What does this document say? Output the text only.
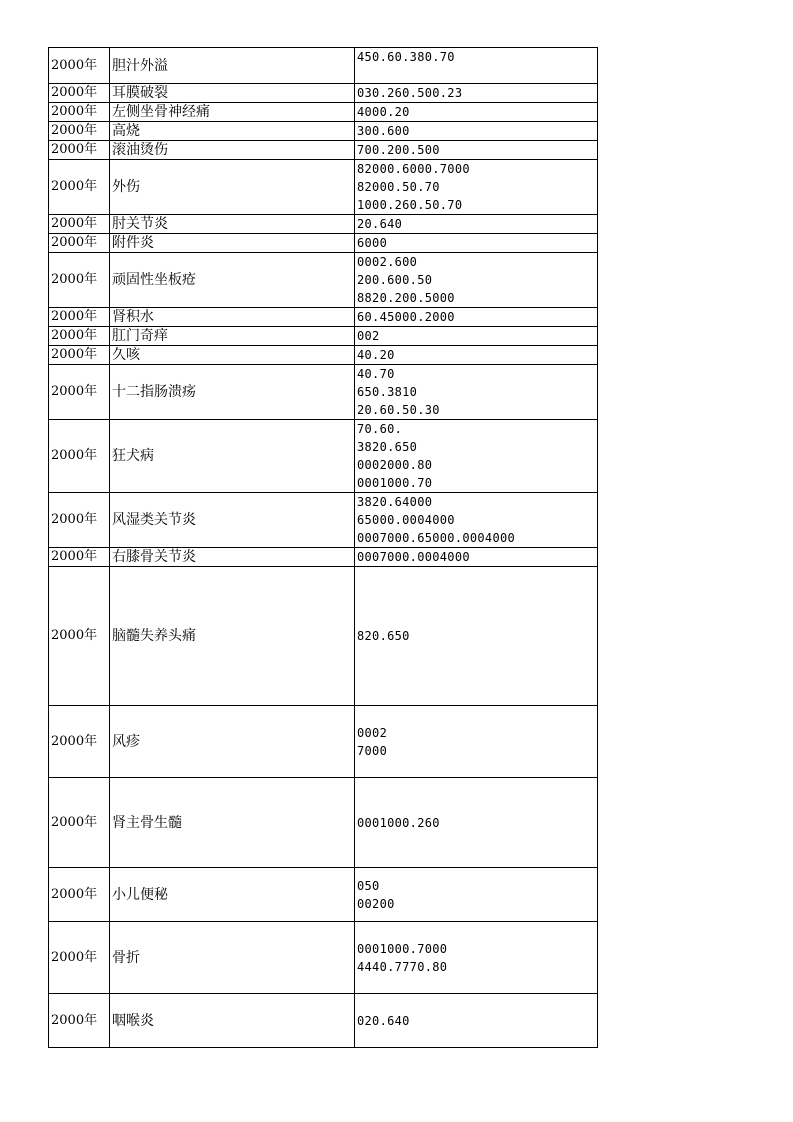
2000年	胆汁外溢	450.60.380.70

2000年	耳膜破裂	030.260.500.23

2000年	左侧坐骨神经痛	4000.20

2000年	高烧	300.600

2000年	滚油烫伤	700.200.500

2000年	外伤	82000.6000.7000
82000.50.70
1000.260.50.70

2000年	肘关节炎	20.640

2000年	附件炎	6000

2000年	顽固性坐板疮	0002.600
200.600.50
8820.200.5000

2000年	肾积水	60.45000.2000

2000年	肛门奇痒	002

2000年	久咳	40.20

2000年	十二指肠溃疡	40.70
650.3810
20.60.50.30

2000年	狂犬病	70.60.
3820.650
0002000.80
0001000.70

2000年	风湿类关节炎	3820.64000
65000.0004000
0007000.65000.0004000

2000年	右膝骨关节炎	0007000.0004000

2000年	脑髓失养头痛	820.650

2000年	风疹	0002
7000

2000年	肾主骨生髓	0001000.260

2000年	小儿便秘	050
00200

2000年	骨折	0001000.7000
4440.7770.80

2000年	咽喉炎	020.640
